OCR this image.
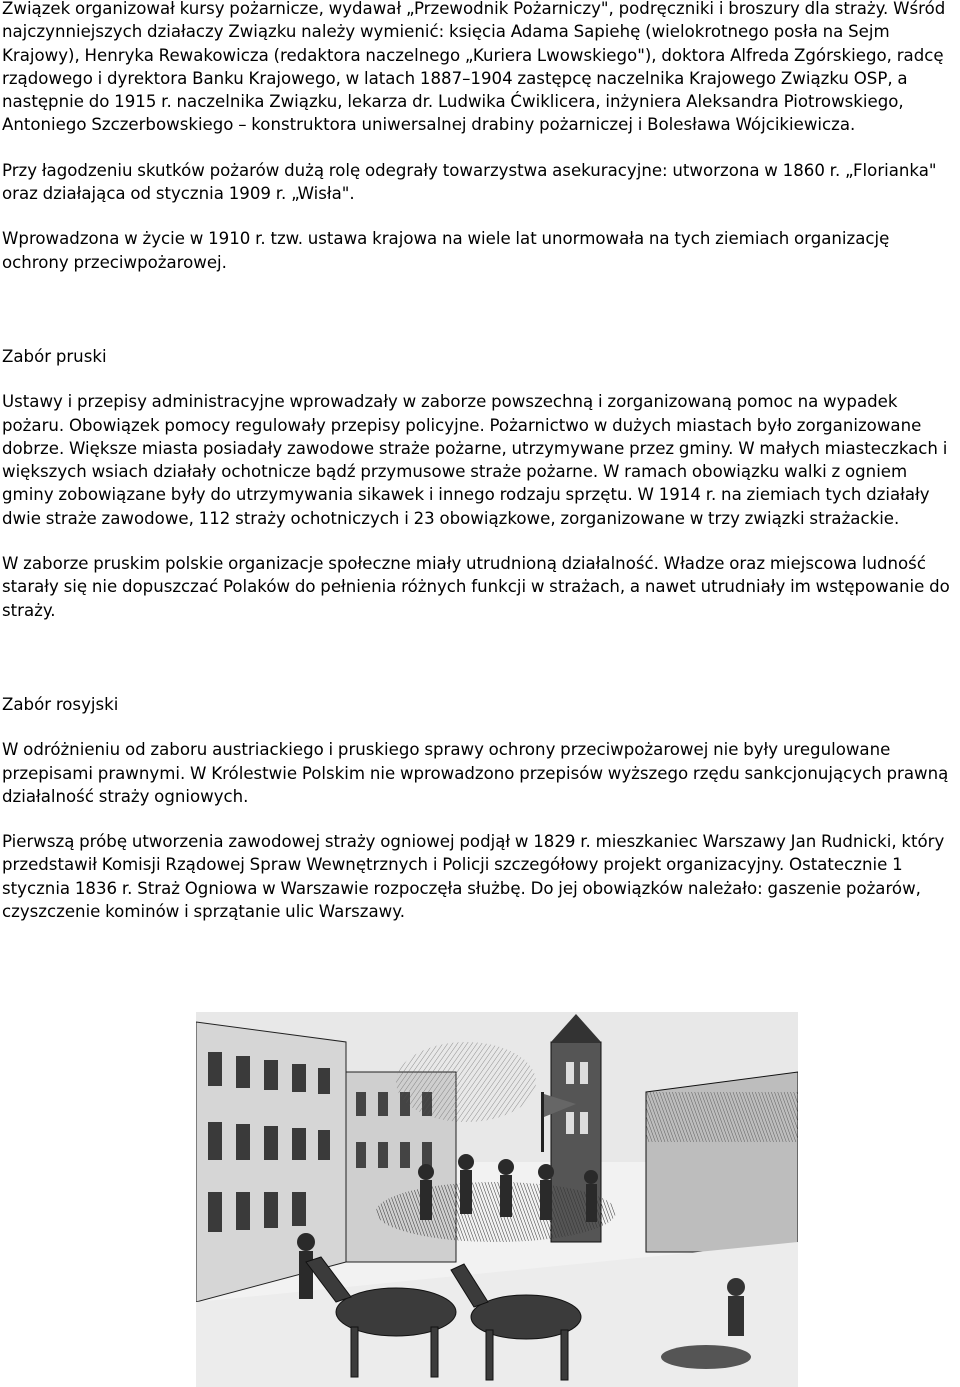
Związek organizował kursy pożarnicze, wydawał „Przewodnik Pożarniczy", podręczniki i broszury dla straży. Wśród najczynniejszych działaczy Związku należy wymienić: księcia Adama Sapiehę (wielokrotnego posła na Sejm Krajowy), Henryka Rewakowicza (redaktora naczelnego „Kuriera Lwowskiego"), doktora Alfreda Zgórskiego, radcę rządowego i dyrektora Banku Krajowego, w latach 1887–1904 zastępcę naczelnika Krajowego Związku OSP, a następnie do 1915 r. naczelnika Związku, lekarza dr. Ludwika Ćwiklicera, inżyniera Aleksandra Piotrowskiego, Antoniego Szczerbowskiego – konstruktora uniwersalnej drabiny pożarniczej i Bolesława Wójcikiewicza.

Przy łagodzeniu skutków pożarów dużą rolę odegrały towarzystwa asekuracyjne: utworzona w 1860 r. „Florianka" oraz działająca od stycznia 1909 r. „Wisła".

Wprowadzona w życie w 1910 r. tzw. ustawa krajowa na wiele lat unormowała na tych ziemiach organizację ochrony przeciwpożarowej.

Zabór pruski

Ustawy i przepisy administracyjne wprowadzały w zaborze powszechną i zorganizowaną pomoc na wypadek pożaru. Obowiązek pomocy regulowały przepisy policyjne. Pożarnictwo w dużych miastach było zorganizowane dobrze. Większe miasta posiadały zawodowe straże pożarne, utrzymywane przez gminy. W małych miasteczkach i większych wsiach działały ochotnicze bądź przymusowe straże pożarne. W ramach obowiązku walki z ogniem gminy zobowiązane były do utrzymywania sikawek i innego rodzaju sprzętu. W 1914 r. na ziemiach tych działały dwie straże zawodowe, 112 straży ochotniczych i 23 obowiązkowe, zorganizowane w trzy związki strażackie.

W zaborze pruskim polskie organizacje społeczne miały utrudnioną działalność. Władze oraz miejscowa ludność starały się nie dopuszczać Polaków do pełnienia różnych funkcji w strażach, a nawet utrudniały im wstępowanie do straży.

Zabór rosyjski

W odróżnieniu od zaboru austriackiego i pruskiego sprawy ochrony przeciwpożarowej nie były uregulowane przepisami prawnymi. W Królestwie Polskim nie wprowadzono przepisów wyższego rzędu sankcjonujących prawną działalność straży ogniowych.

Pierwszą próbę utworzenia zawodowej straży ogniowej podjął w 1829 r. mieszkaniec Warszawy Jan Rudnicki, który przedstawił Komisji Rządowej Spraw Wewnętrznych i Policji szczegółowy projekt organizacyjny. Ostatecznie 1 stycznia 1836 r. Straż Ogniowa w Warszawie rozpoczęła służbę. Do jej obowiązków należało: gaszenie pożarów, czyszczenie kominów i sprzątanie ulic Warszawy.
